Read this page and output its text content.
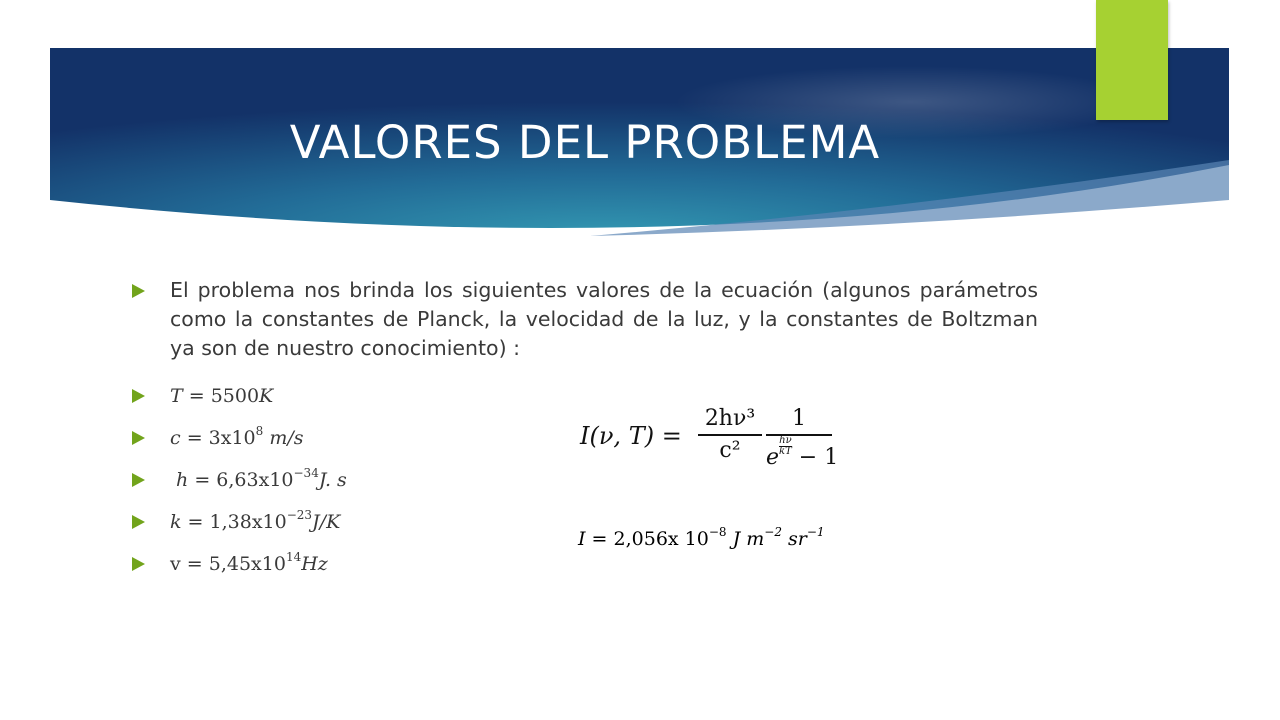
VALORES DEL PROBLEMA
El problema nos brinda los siguientes valores de la ecuación (algunos parámetros como la constantes de Planck, la velocidad de la luz, y la constantes de Boltzman ya son de nuestro conocimiento) :
T = 5500K
$c = 3x10^8$ m/s
$h = 6,63x10^{-34}J$. s
$k = 1,38x10^{-23}J/K$
$v = 5,45x10^{14}Hz$
I(ν, T) =
2hν³
c²
1
e $\frac{h\nu}{kT} - 1$
I = 2,056x $10^{-8}$ J $m^{-2}$ $sr^{-1}$
